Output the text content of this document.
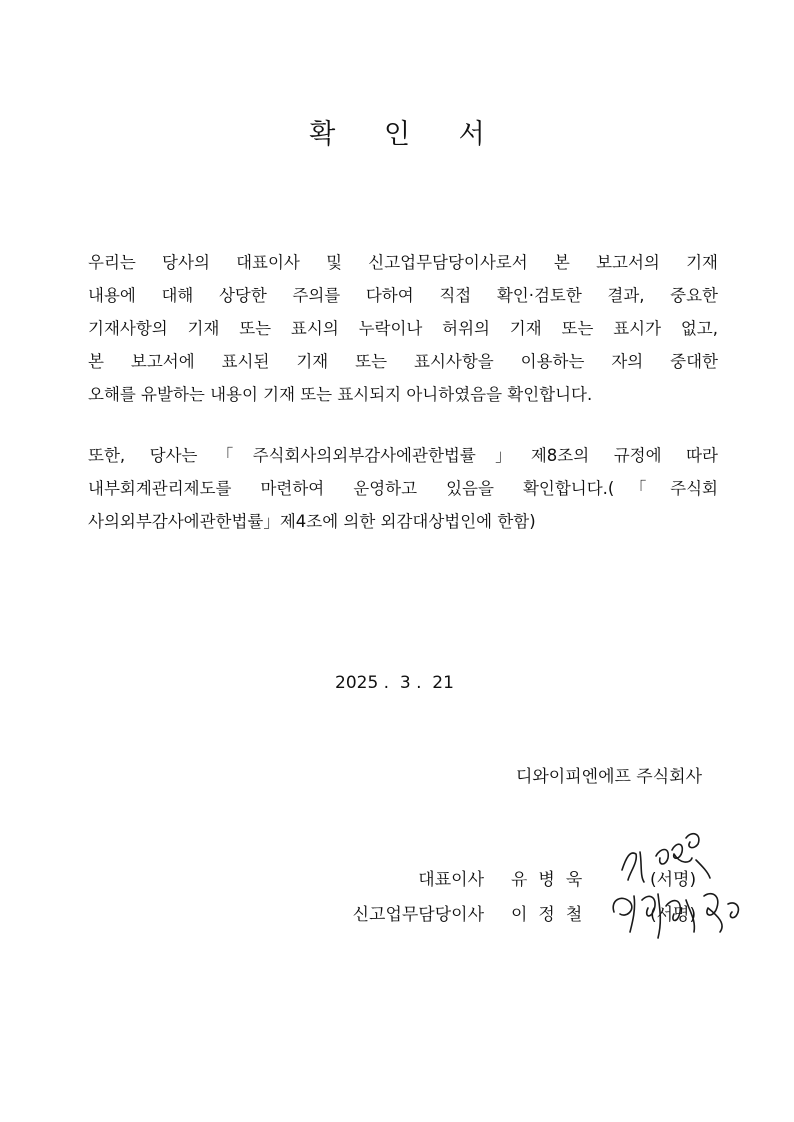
확 인 서
우리는 당사의 대표이사 및 신고업무담당이사로서 본 보고서의 기재
내용에 대해 상당한 주의를 다하여 직접 확인·검토한 결과, 중요한
기재사항의 기재 또는 표시의 누락이나 허위의 기재 또는 표시가 없고,
본 보고서에 표시된 기재 또는 표시사항을 이용하는 자의 중대한
오해를 유발하는 내용이 기재 또는 표시되지 아니하였음을 확인합니다.
또한, 당사는「주식회사의외부감사에관한법률」제8조의 규정에 따라
내부회계관리제도를 마련하여 운영하고 있음을 확인합니다.(「주식회
사의외부감사에관한법률」제4조에 의한 외감대상법인에 한함)
2025 .  3 .  21
디와이피엔에프 주식회사
대표이사 유병욱	(서명)
신고업무담당이사 이정철	(서명)
